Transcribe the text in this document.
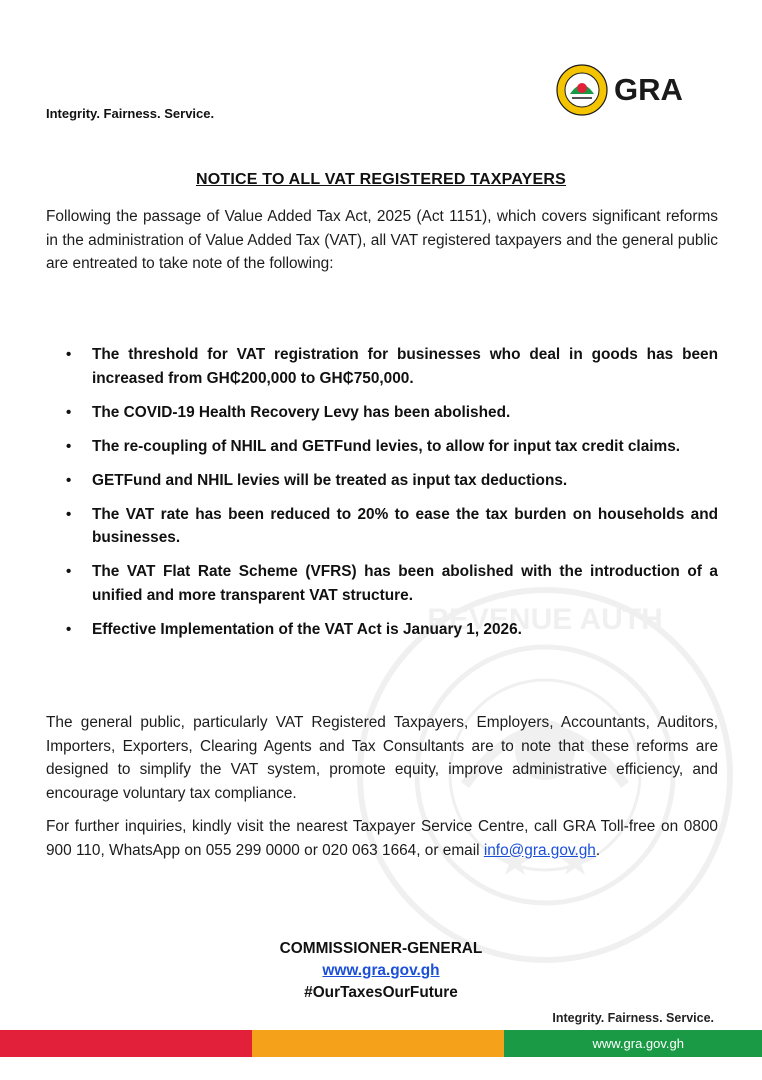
REVENUE AUTH
Integrity. Fairness. Service.
GRA
NOTICE TO ALL VAT REGISTERED TAXPAYERS

Following the passage of Value Added Tax Act, 2025 (Act 1151), which covers significant reforms in the administration of Value Added Tax (VAT), all VAT registered taxpayers and the general public are entreated to take note of the following:

• The threshold for VAT registration for businesses who deal in goods has been increased from GH₵200,000 to GH₵750,000.
• The COVID-19 Health Recovery Levy has been abolished.
• The re-coupling of NHIL and GETFund levies, to allow for input tax credit claims.
• GETFund and NHIL levies will be treated as input tax deductions.
• The VAT rate has been reduced to 20% to ease the tax burden on households and businesses.
• The VAT Flat Rate Scheme (VFRS) has been abolished with the introduction of a unified and more transparent VAT structure.
• Effective Implementation of the VAT Act is January 1, 2026.

The general public, particularly VAT Registered Taxpayers, Employers, Accountants, Auditors, Importers, Exporters, Clearing Agents and Tax Consultants are to note that these reforms are designed to simplify the VAT system, promote equity, improve administrative efficiency, and encourage voluntary tax compliance.

For further inquiries, kindly visit the nearest Taxpayer Service Centre, call GRA Toll-free on 0800 900 110, WhatsApp on 055 299 0000 or 020 063 1664, or email info@gra.gov.gh.

COMMISSIONER-GENERAL
www.gra.gov.gh
#OurTaxesOurFuture
Integrity. Fairness. Service.
www.gra.gov.gh
